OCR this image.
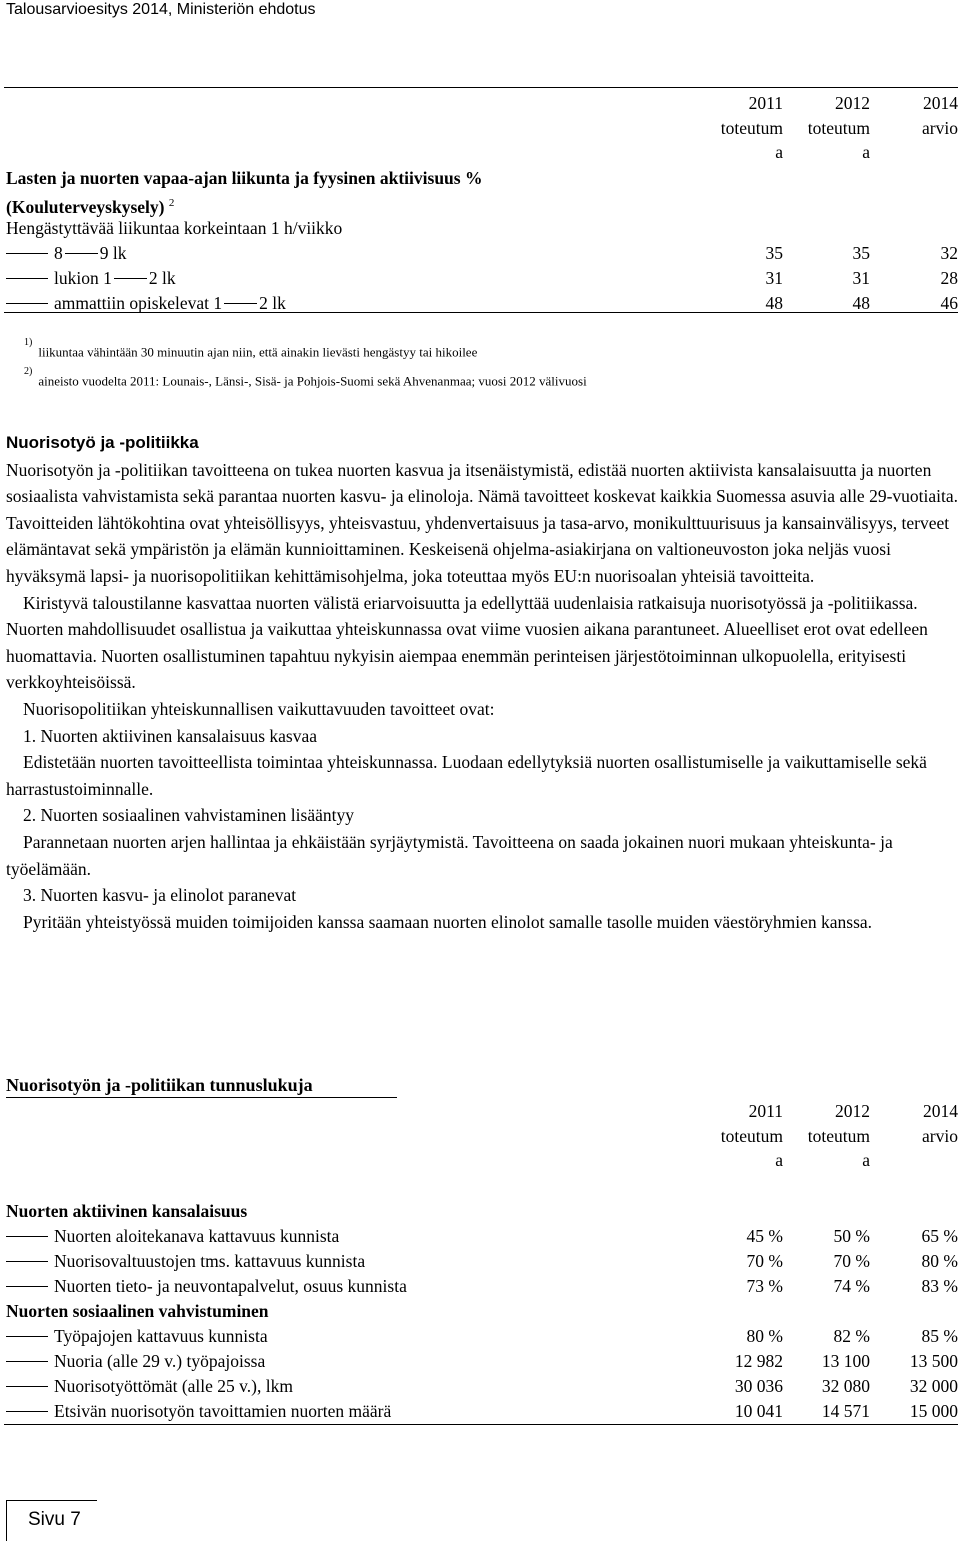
Talousarvioesitys 2014, Ministeriön ehdotus
2011
toteutum
a
2012
toteutum
a
2014
arvio
Lasten ja nuorten vapaa-ajan liikunta ja fyysinen aktiivisuus %
(Kouluterveyskysely) $^2$
Hengästyttävää liikuntaa korkeintaan 1 h/viikko
8 9 lk	35	35	32
lukion 1 2 lk	31	31	28
ammattiin opiskelevat 1 2 lk	48	48	46
$^{1)}$liikuntaa vähintään 30 minuutin ajan niin, että ainakin lievästi hengästyy tai hikoilee
$^{2)}$aineisto vuodelta 2011: Lounais-, Länsi-, Sisä- ja Pohjois-Suomi sekä Ahvenanmaa; vuosi 2012 välivuosi

Nuorisotyö ja -politiikka

Nuorisotyön ja -politiikan tavoitteena on tukea nuorten kasvua ja itsenäistymistä, edistää nuorten aktiivista kansalaisuutta ja nuorten sosiaalista vahvistamista sekä parantaa nuorten kasvu- ja elinoloja. Nämä tavoitteet koskevat kaikkia Suomessa asuvia alle 29-vuotiaita. Tavoitteiden lähtökohtina ovat yhteisöllisyys, yhteisvastuu, yhdenvertaisuus ja tasa-arvo, monikulttuurisuus ja kansainvälisyys, terveet elämäntavat sekä ympäristön ja elämän kunnioittaminen. Keskeisenä ohjelma-asiakirjana on valtioneuvoston joka neljäs vuosi hyväksymä lapsi- ja nuorisopolitiikan kehittämisohjelma, joka toteuttaa myös EU:n nuorisoalan yhteisiä tavoitteita.

Kiristyvä taloustilanne kasvattaa nuorten välistä eriarvoisuutta ja edellyttää uudenlaisia ratkaisuja nuorisotyössä ja -politiikassa. Nuorten mahdollisuudet osallistua ja vaikuttaa yhteiskunnassa ovat viime vuosien aikana parantuneet. Alueelliset erot ovat edelleen huomattavia. Nuorten osallistuminen tapahtuu nykyisin aiempaa enemmän perinteisen järjestötoiminnan ulkopuolella, erityisesti verkkoyhteisöissä.

Nuorisopolitiikan yhteiskunnallisen vaikuttavuuden tavoitteet ovat:

1. Nuorten aktiivinen kansalaisuus kasvaa

Edistetään nuorten tavoitteellista toimintaa yhteiskunnassa. Luodaan edellytyksiä nuorten osallistumiselle ja vaikuttamiselle sekä harrastustoiminnalle.

2. Nuorten sosiaalinen vahvistaminen lisääntyy

Parannetaan nuorten arjen hallintaa ja ehkäistään syrjäytymistä. Tavoitteena on saada jokainen nuori mukaan yhteiskunta- ja työelämään.

3. Nuorten kasvu- ja elinolot paranevat

Pyritään yhteistyössä muiden toimijoiden kanssa saamaan nuorten elinolot samalle tasolle muiden väestöryhmien kanssa.

Nuorisotyön ja -politiikan tunnuslukuja
2011
toteutum
a
2012
toteutum
a
2014
arvio
Nuorten aktiivinen kansalaisuus
Nuorten aloitekanava kattavuus kunnista	45 %	50 %	65 %
Nuorisovaltuustojen tms. kattavuus kunnista	70 %	70 %	80 %
Nuorten tieto- ja neuvontapalvelut, osuus kunnista	73 %	74 %	83 %
Nuorten sosiaalinen vahvistuminen
Työpajojen kattavuus kunnista	80 %	82 %	85 %
Nuoria (alle 29 v.) työpajoissa	12 982	13 100	13 500
Nuorisotyöttömät (alle 25 v.), lkm	30 036	32 080	32 000
Etsivän nuorisotyön tavoittamien nuorten määrä	10 041	14 571	15 000
Sivu 7
